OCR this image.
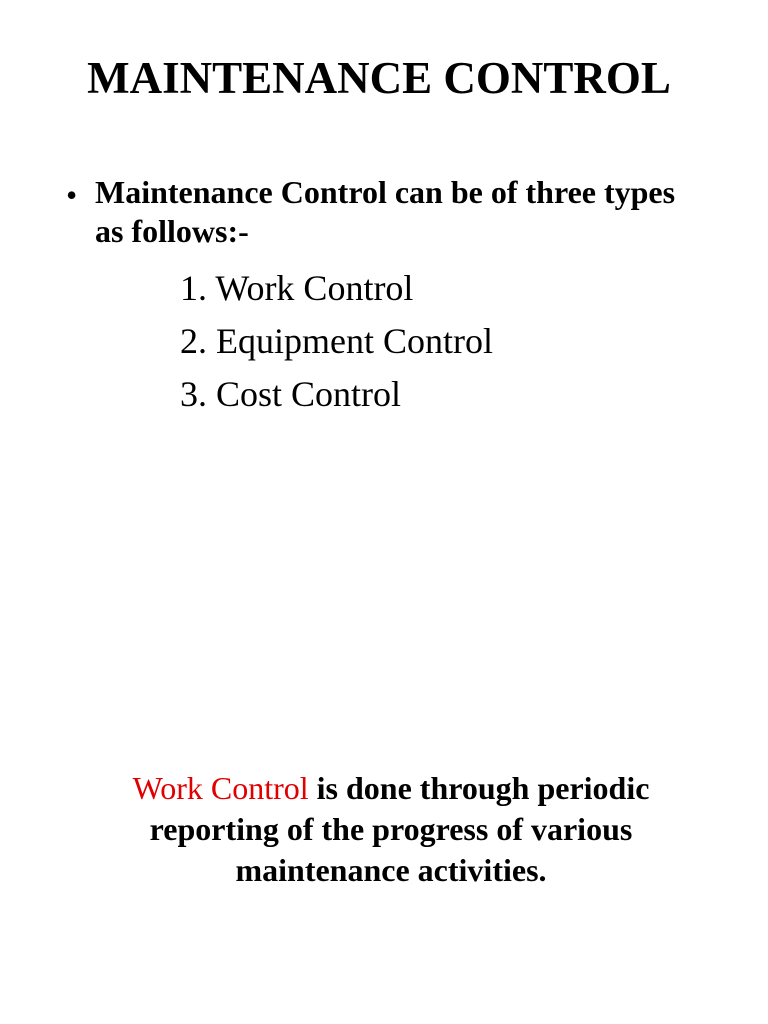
MAINTENANCE CONTROL
• Maintenance Control can be of three types as follows:-
1. Work Control
2. Equipment Control
3. Cost Control
Work Control is done through periodic reporting of the progress of various maintenance activities.
